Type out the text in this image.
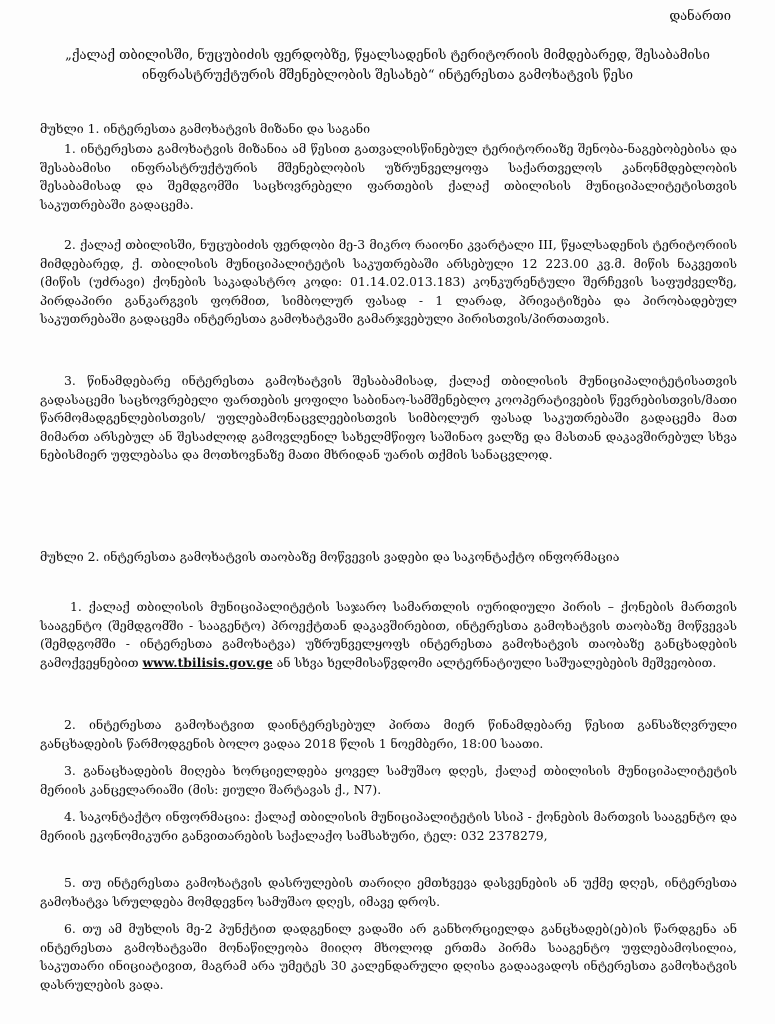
დანართი
„ქალაქ თბილისში, ნუცუბიძის ფერდობზე, წყალსადენის ტერიტორიის მიმდებარედ, შესაბამისი ინფრასტრუქტურის მშენებლობის შესახებ“ ინტერესთა გამოხატვის წესი
მუხლი 1. ინტერესთა გამოხატვის მიზანი და საგანი
1. ინტერესთა გამოხატვის მიზანია ამ წესით გათვალისწინებულ ტერიტორიაზე შენობა-ნაგებობებისა და შესაბამისი ინფრასტრუქტურის მშენებლობის უზრუნველყოფა საქართველოს კანონმდებლობის შესაბამისად და შემდგომში საცხოვრებელი ფართების ქალაქ თბილისის მუნიციპალიტეტისთვის საკუთრებაში გადაცემა.
2. ქალაქ თბილისში, ნუცუბიძის ფერდობი მე-3 მიკრო რაიონი კვარტალი III, წყალსადენის ტერიტორიის მიმდებარედ, ქ. თბილისის მუნიციპალიტეტის საკუთრებაში არსებული 12 223.00 კვ.მ. მიწის ნაკვეთის (მიწის (უძრავი) ქონების საკადასტრო კოდი: 01.14.02.013.183) კონკურენტული შერჩევის საფუძველზე, პირდაპირი განკარგვის ფორმით, სიმბოლურ ფასად - 1 ლარად, პრივატიზება და პირობადებულ საკუთრებაში გადაცემა ინტერესთა გამოხატვაში გამარჯვებული პირისთვის/პირთათვის.
3. წინამდებარე ინტერესთა გამოხატვის შესაბამისად, ქალაქ თბილისის მუნიციპალიტეტისათვის გადასაცემი საცხოვრებელი ფართების ყოფილი საბინაო-სამშენებლო კოოპერატივების წევრებისთვის/მათი წარმომადგენლებისთვის/ უფლებამონაცვლეებისთვის სიმბოლურ ფასად საკუთრებაში გადაცემა მათ მიმართ არსებულ ან შესაძლოდ გამოვლენილ სახელმწიფო საშინაო ვალზე და მასთან დაკავშირებულ სხვა ნებისმიერ უფლებასა და მოთხოვნაზე მათი მხრიდან უარის თქმის სანაცვლოდ.
მუხლი 2. ინტერესთა გამოხატვის თაობაზე მოწვევის ვადები და საკონტაქტო ინფორმაცია
1. ქალაქ თბილისის მუნიციპალიტეტის საჯარო სამართლის იურიდიული პირის – ქონების მართვის სააგენტო (შემდგომში - სააგენტო) პროექტთან დაკავშირებით, ინტერესთა გამოხატვის თაობაზე მოწვევას (შემდგომში - ინტერესთა გამოხატვა) უზრუნველყოფს ინტერესთა გამოხატვის თაობაზე განცხადების გამოქვეყნებით www.tbilisis.gov.ge ან სხვა ხელმისაწვდომი ალტერნატიული საშუალებების მეშვეობით.
2. ინტერესთა გამოხატვით დაინტერესებულ პირთა მიერ წინამდებარე წესით განსაზღვრული განცხადების წარმოდგენის ბოლო ვადაა 2018 წლის 1 ნოემბერი, 18:00 საათი.
3. განაცხადების მიღება ხორციელდება ყოველ სამუშაო დღეს, ქალაქ თბილისის მუნიციპალიტეტის მერიის კანცელარიაში (მის: ჟიული შარტავას ქ., N7).
4. საკონტაქტო ინფორმაცია: ქალაქ თბილისის მუნიციპალიტეტის სსიპ - ქონების მართვის სააგენტო და მერიის ეკონომიკური განვითარების საქალაქო სამსახური, ტელ: 032 2378279,
5. თუ ინტერესთა გამოხატვის დასრულების თარიღი ემთხვევა დასვენების ან უქმე დღეს, ინტერესთა გამოხატვა სრულდება მომდევნო სამუშაო დღეს, იმავე დროს.
6. თუ ამ მუხლის მე-2 პუნქტით დადგენილ ვადაში არ განხორციელდა განცხადებ(ებ)ის წარდგენა ან ინტერესთა გამოხატვაში მონაწილეობა მიიღო მხოლოდ ერთმა პირმა სააგენტო უფლებამოსილია, საკუთარი ინიციატივით, მაგრამ არა უმეტეს 30 კალენდარული დღისა გადაავადოს ინტერესთა გამოხატვის დასრულების ვადა.
